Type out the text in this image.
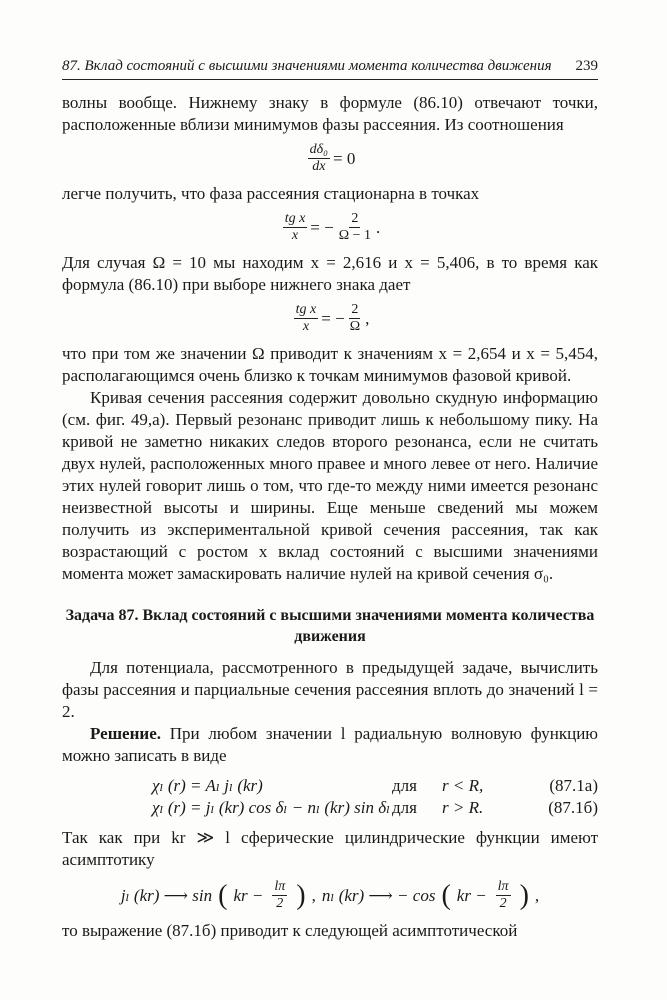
87. Вклад состояний с высшими значениями момента количества движения 239

волны вообще. Нижнему знаку в формуле (86.10) отвечают точки, расположенные вблизи минимумов фазы рассеяния. Из соотношения

$\frac{\text{dδ₀}}{dx} = 0$

легче получить, что фаза рассеяния стационарна в точках

$\frac{\text{tg x}}{x}$ = − $\frac{2}{\Omega - 1}$ .

Для случая Ω = 10 мы находим x = 2,616 и x = 5,406, в то время как формула (86.10) при выборе нижнего знака дает

$\frac{\text{tg x}}{x}$ = − $\frac{2}{\Omega}$ ,

что при том же значении Ω приводит к значениям x = 2,654 и x = 5,454, располагающимся очень близко к точкам минимумов фазовой кривой.

Кривая сечения рассеяния содержит довольно скудную информацию (см. фиг. 49,а). Первый резонанс приводит лишь к небольшому пику. На кривой не заметно никаких следов второго резонанса, если не считать двух нулей, расположенных много правее и много левее от него. Наличие этих нулей говорит лишь о том, что где-то между ними имеется резонанс неизвестной высоты и ширины. Еще меньше сведений мы можем получить из экспериментальной кривой сечения рассеяния, так как возрастающий с ростом x вклад состояний с высшими значениями момента может замаскировать наличие нулей на кривой сечения σ₀.

Задача 87. Вклад состояний с высшими значениями момента количества движения

Для потенциала, рассмотренного в предыдущей задаче, вычислить фазы рассеяния и парциальные сечения рассеяния вплоть до значений l = 2.

Решение. При любом значении l радиальную волновую функцию можно записать в виде

χₗ (r) = Aₗ jₗ (kr)	для	r < R,	(87.1a)
χₗ (r) = jₗ (kr) cos δₗ − nₗ (kr) sin δₗ для	r > R.	(87.1б)

Так как при kr ≫ l сферические цилиндрические функции имеют асимптотику

jₗ (kr) ⟶ sin ( kr − $\frac{l\pi}{2}$ ) , nₗ (kr) ⟶ − cos ( kr − $\frac{l\pi}{2}$ ) ,

то выражение (87.1б) приводит к следующей асимптотической
